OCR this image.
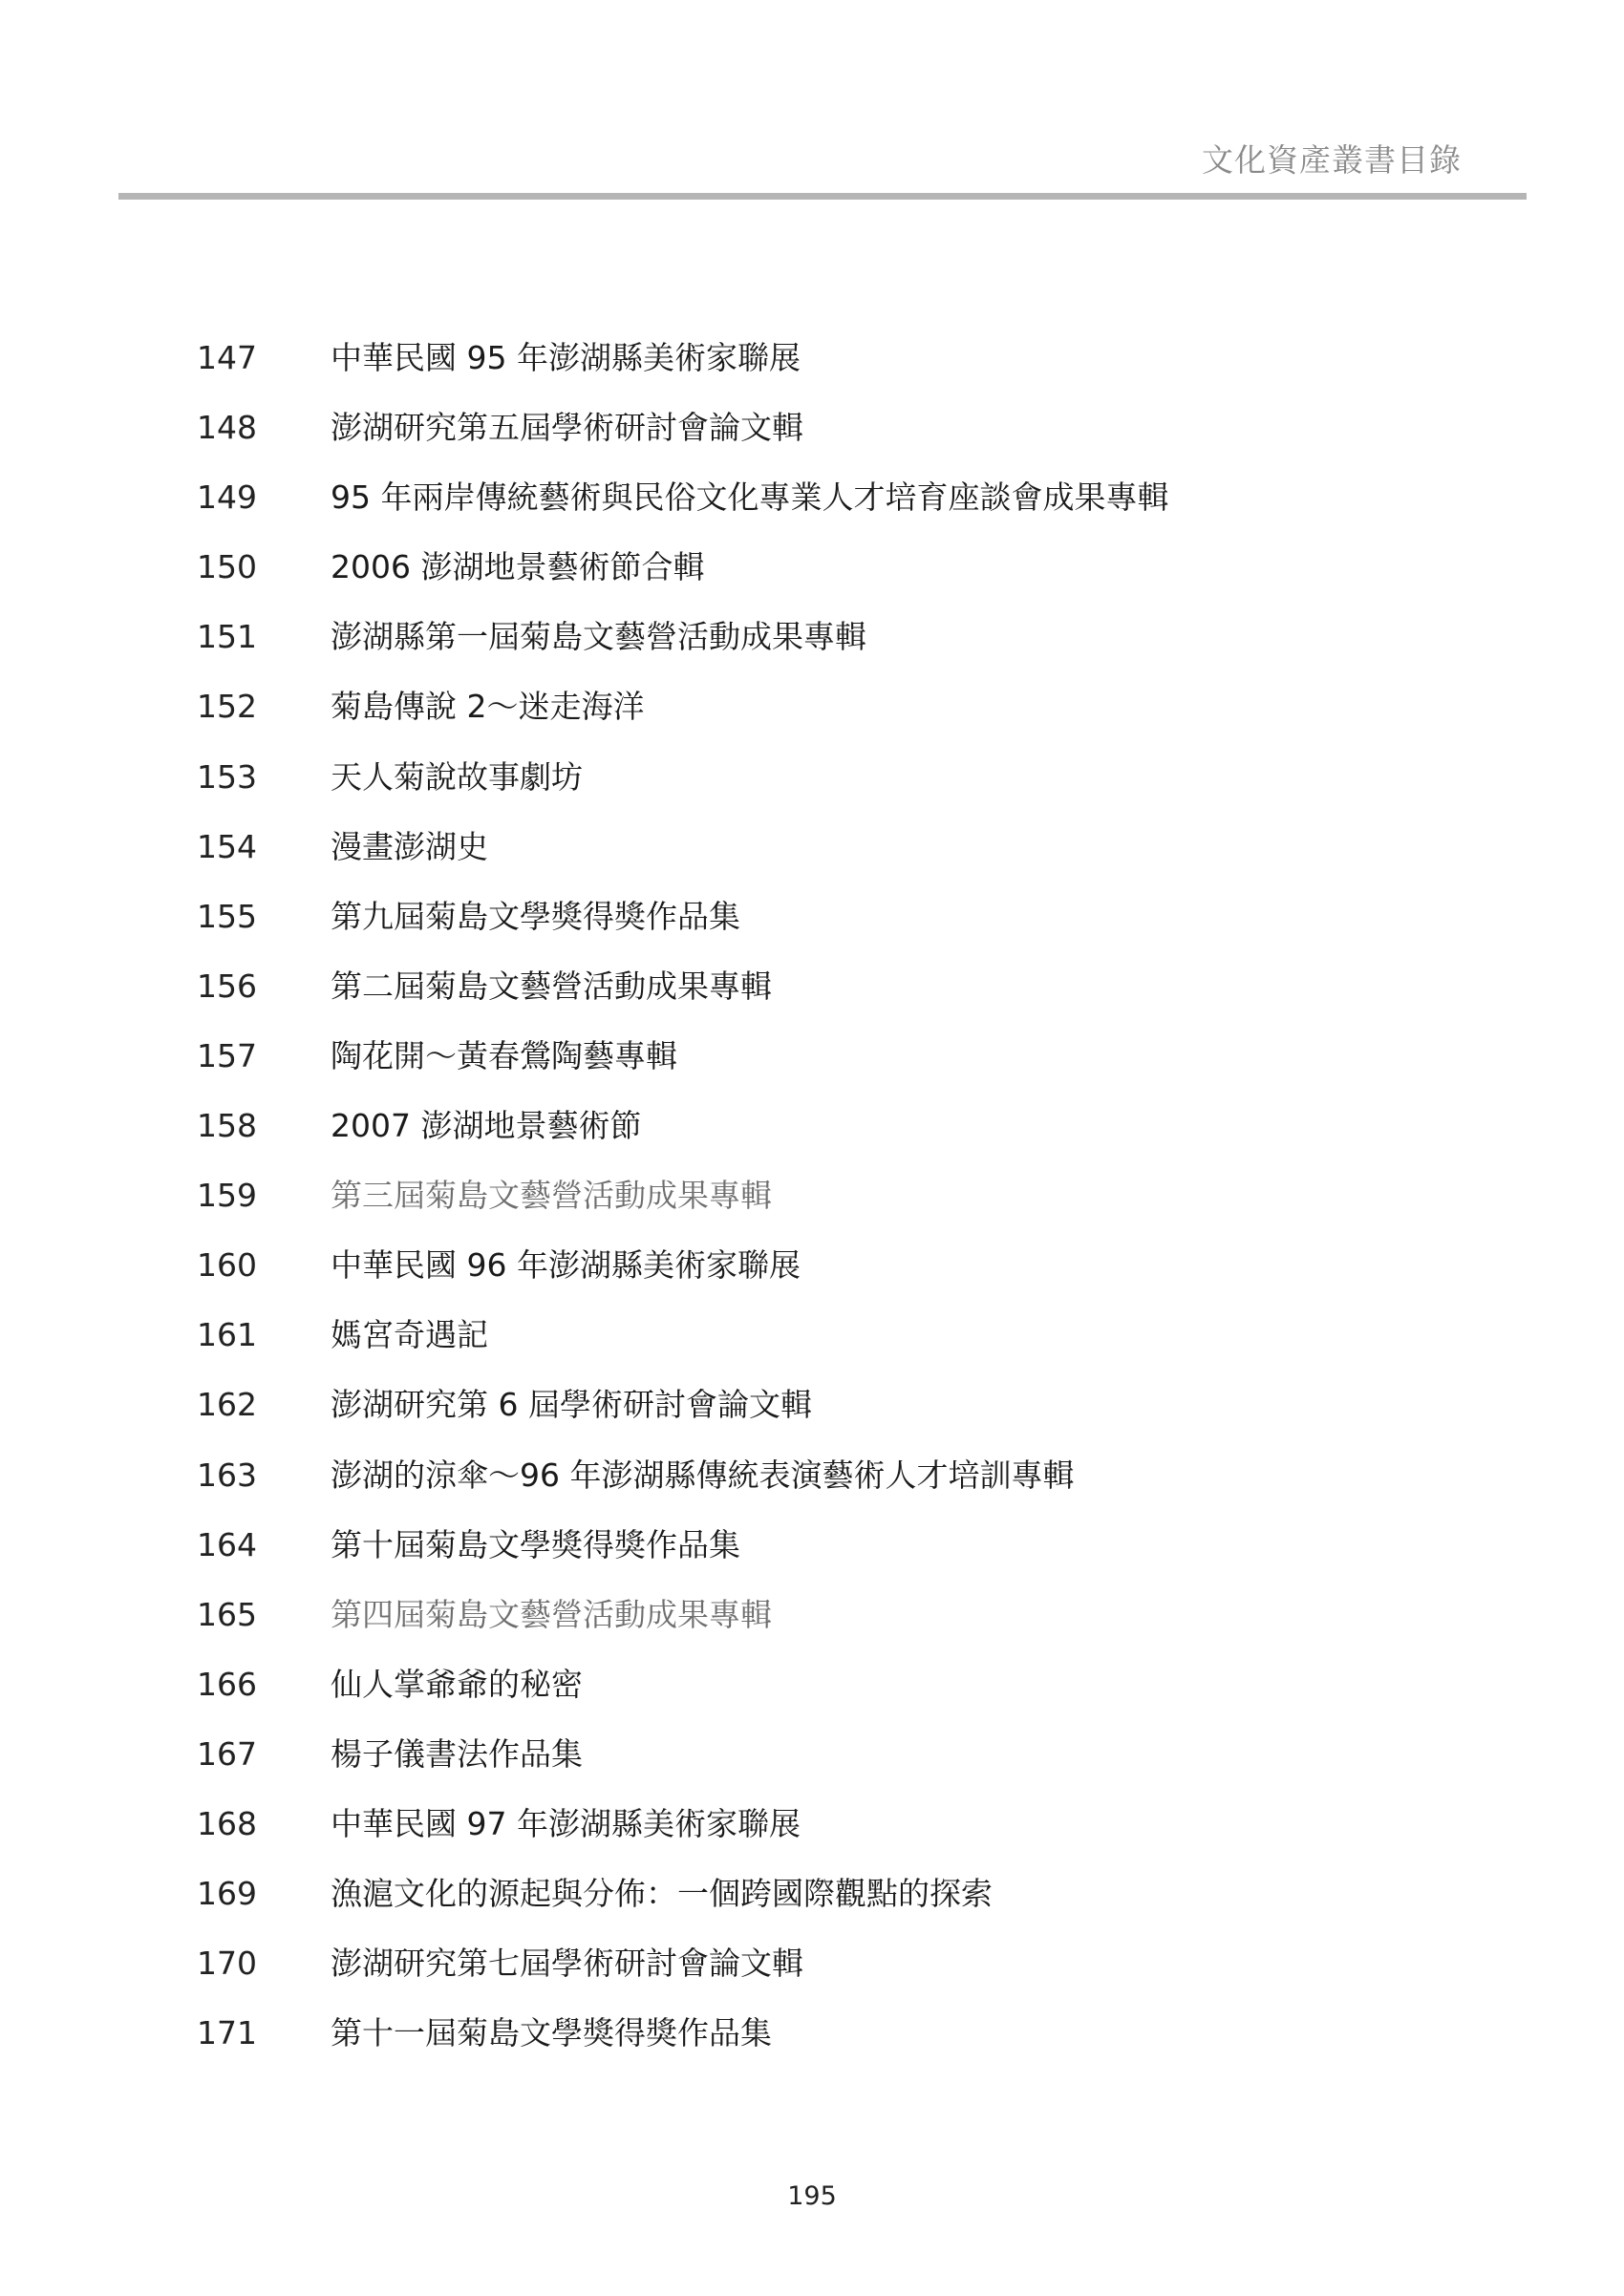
文化資產叢書目錄
147	中華民國 95 年澎湖縣美術家聯展
148	澎湖研究第五屆學術研討會論文輯
149	95 年兩岸傳統藝術與民俗文化專業人才培育座談會成果專輯
150	2006 澎湖地景藝術節合輯
151	澎湖縣第一屆菊島文藝營活動成果專輯
152	菊島傳說 2～迷走海洋
153	天人菊說故事劇坊
154	漫畫澎湖史
155	第九屆菊島文學獎得獎作品集
156	第二屆菊島文藝營活動成果專輯
157	陶花開～黃春鶯陶藝專輯
158	2007 澎湖地景藝術節
159	第三屆菊島文藝營活動成果專輯
160	中華民國 96 年澎湖縣美術家聯展
161	媽宮奇遇記
162	澎湖研究第 6 屆學術研討會論文輯
163	澎湖的涼傘～96 年澎湖縣傳統表演藝術人才培訓專輯
164	第十屆菊島文學獎得獎作品集
165	第四屆菊島文藝營活動成果專輯
166	仙人掌爺爺的秘密
167	楊子儀書法作品集
168	中華民國 97 年澎湖縣美術家聯展
169	漁滬文化的源起與分佈：一個跨國際觀點的探索
170	澎湖研究第七屆學術研討會論文輯
171	第十一屆菊島文學獎得獎作品集
195
